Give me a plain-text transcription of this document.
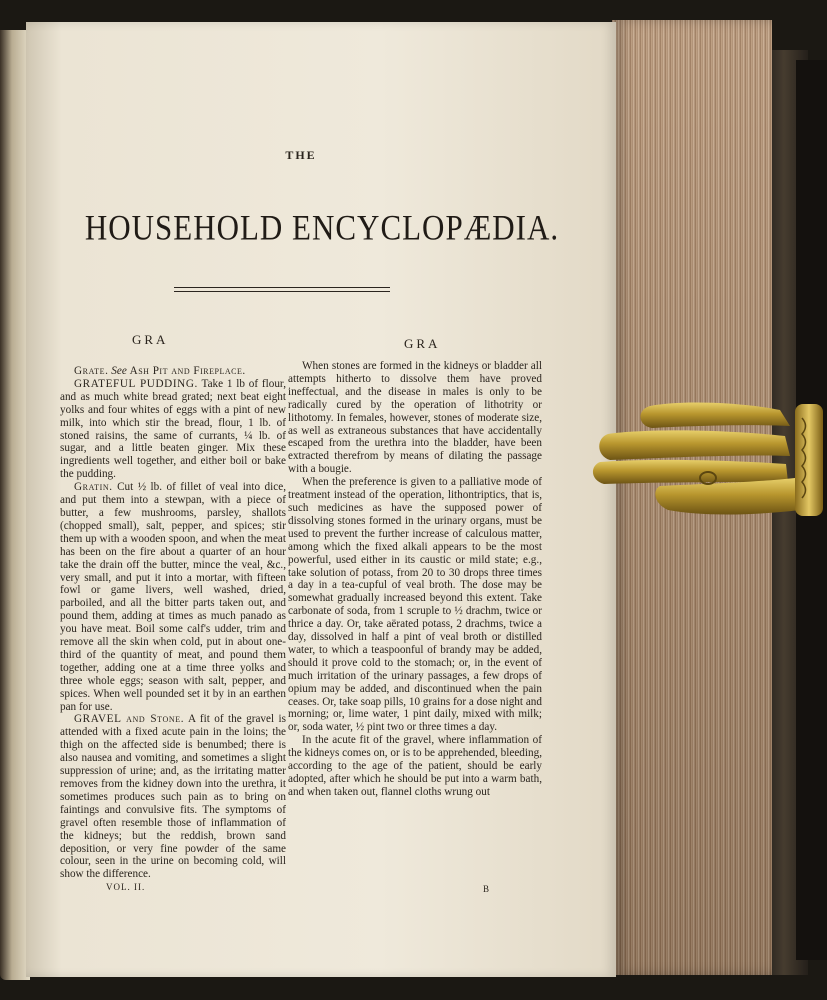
THE
HOUSEHOLD ENCYCLOPÆDIA.
GRA

Grate. See Ash Pit and Fireplace.

GRATEFUL PUDDING. Take 1 lb of flour, and as much white bread grated; next beat eight yolks and four whites of eggs with a pint of new milk, into which stir the bread, flour, 1 lb. of stoned raisins, the same of currants, ¼ lb. of sugar, and a little beaten ginger. Mix these ingredients well together, and either boil or bake the pudding.

Gratin. Cut ½ lb. of fillet of veal into dice, and put them into a stewpan, with a piece of butter, a few mushrooms, parsley, shallots (chopped small), salt, pepper, and spices; stir them up with a wooden spoon, and when the meat has been on the fire about a quarter of an hour take the drain off the butter, mince the veal, &c., very small, and put it into a mortar, with fifteen fowl or game livers, well washed, dried, parboiled, and all the bitter parts taken out, and pound them, adding at times as much panado as you have meat. Boil some calf's udder, trim and remove all the skin when cold, put in about one-third of the quantity of meat, and pound them together, adding one at a time three yolks and three whole eggs; season with salt, pepper, and spices. When well pounded set it by in an earthen pan for use.

GRAVEL and Stone. A fit of the gravel is attended with a fixed acute pain in the loins; the thigh on the affected side is benumbed; there is also nausea and vomiting, and sometimes a slight suppression of urine; and, as the irritating matter removes from the kidney down into the urethra, it sometimes produces such pain as to bring on faintings and convulsive fits. The symptoms of gravel often resemble those of inflammation of the kidneys; but the reddish, brown sand deposition, or very fine powder of the same colour, seen in the urine on becoming cold, will show the difference.

GRA

When stones are formed in the kidneys or bladder all attempts hitherto to dissolve them have proved ineffectual, and the disease in males is only to be radically cured by the operation of lithotrity or lithotomy. In females, however, stones of moderate size, as well as extraneous substances that have accidentally escaped from the urethra into the bladder, have been extracted therefrom by means of dilating the passage with a bougie.

When the preference is given to a palliative mode of treatment instead of the operation, lithontriptics, that is, such medicines as have the supposed power of dissolving stones formed in the urinary organs, must be used to prevent the further increase of calculous matter, among which the fixed alkali appears to be the most powerful, used either in its caustic or mild state; e.g., take solution of potass, from 20 to 30 drops three times a day in a tea-cupful of veal broth. The dose may be somewhat gradually increased beyond this extent. Take carbonate of soda, from 1 scruple to ½ drachm, twice or thrice a day. Or, take aërated potass, 2 drachms, twice a day, dissolved in half a pint of veal broth or distilled water, to which a teaspoonful of brandy may be added, should it prove cold to the stomach; or, in the event of much irritation of the urinary passages, a few drops of opium may be added, and discontinued when the pain ceases. Or, take soap pills, 10 grains for a dose night and morning; or, lime water, 1 pint daily, mixed with milk; or, soda water, ½ pint two or three times a day.

In the acute fit of the gravel, where inflammation of the kidneys comes on, or is to be apprehended, bleeding, according to the age of the patient, should be early adopted, after which he should be put into a warm bath, and when taken out, flannel cloths wrung out

VOL. II.	B
